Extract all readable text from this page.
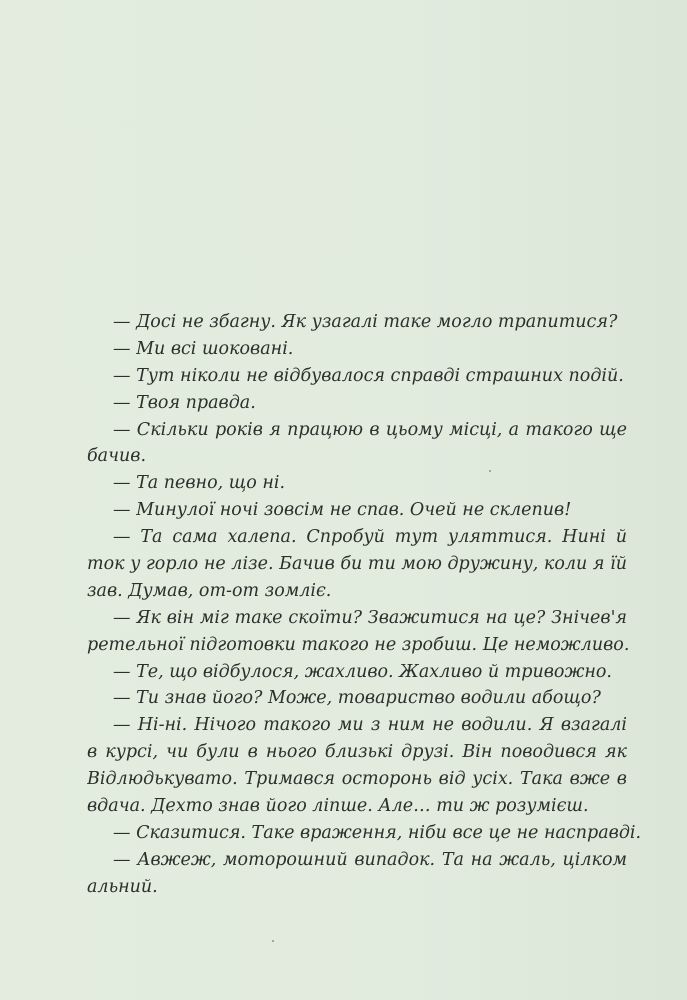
— Досі не збагну. Як узагалі таке могло трапитися?
— Ми всі шоковані.
— Тут ніколи не відбувалося справді страшних подій.
— Твоя правда.
— Скільки років я працюю в цьому місці, а такого ще
бачив.
— Та певно, що ні.
— Минулої ночі зовсім не спав. Очей не склепив!
— Та сама халепа. Спробуй тут уляттися. Нині й
ток у горло не лізе. Бачив би ти мою дружину, коли я їй
зав. Думав, от-от зомліє.
— Як він міг таке скоїти? Зважитися на це? Знічев'я
ретельної підготовки такого не зробиш. Це неможливо.
— Те, що відбулося, жахливо. Жахливо й тривожно.
— Ти знав його? Може, товариство водили абощо?
— Ні-ні. Нічого такого ми з ним не водили. Я взагалі
в курсі, чи були в нього близькі друзі. Він поводився як
Відлюдькувато. Тримався осторонь від усіх. Така вже в
вдача. Дехто знав його ліпше. Але… ти ж розумієш.
— Сказитися. Таке враження, ніби все це не насправді.
— Авжеж, моторошний випадок. Та на жаль, цілком
альний.
